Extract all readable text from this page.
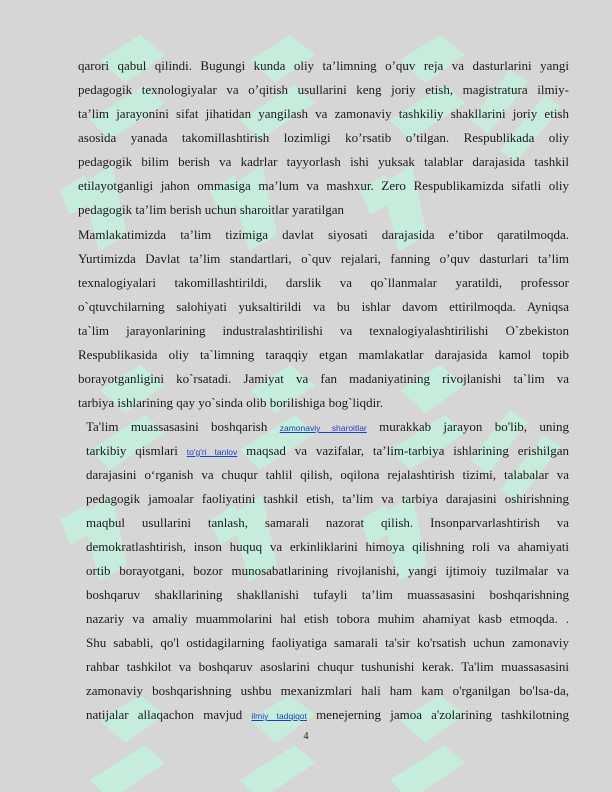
qarori qabul qilindi. Bugungi kunda oliy ta’limning o’quv reja va dasturlarini yangi
pedagogik texnologiyalar va o’qitish usullarini keng joriy etish, magistratura ilmiy-
ta’lim jarayonini sifat jihatidan yangilash va zamonaviy tashkiliy shakllarini joriy etish
asosida yanada takomillashtirish lozimligi ko’rsatib o’tilgan. Respublikada oliy
pedagogik bilim berish va kadrlar tayyorlash ishi yuksak talablar darajasida tashkil
etilayotganligi jahon ommasiga ma’lum va mashxur. Zero Respublikamizda sifatli oliy
pedagogik ta’lim berish uchun sharoitlar yaratilgan
Mamlakatimizda ta’lim tizimiga davlat siyosati darajasida e’tibor qaratilmoqda.
Yurtimizda Davlat ta’lim standartlari, o`quv rejalari, fanning o’quv dasturlari ta’lim
texnalogiyalari takomillashtirildi, darslik va qo`llanmalar yaratildi, professor
o`qtuvchilarning salohiyati yuksaltirildi va bu ishlar davom ettirilmoqda. Ayniqsa
ta`lim jarayonlarining industralashtirilishi va texnalogiyalashtirilishi O`zbekiston
Respublikasida oliy ta`limning taraqqiy etgan mamlakatlar darajasida kamol topib
borayotganligini ko`rsatadi. Jamiyat va fan madaniyatining rivojlanishi ta`lim va
tarbiya ishlarining qay yo`sinda olib borilishiga bog`liqdir.
Ta'lim muassasasini boshqarish zamonaviy sharoitlar murakkab jarayon bo'lib, uning
tarkibiy qismlari to'g'ri tanlov maqsad va vazifalar, ta’lim-tarbiya ishlarining erishilgan
darajasini o‘rganish va chuqur tahlil qilish, oqilona rejalashtirish tizimi, talabalar va
pedagogik jamoalar faoliyatini tashkil etish, ta’lim va tarbiya darajasini oshirishning
maqbul usullarini tanlash, samarali nazorat qilish. Insonparvarlashtirish va
demokratlashtirish, inson huquq va erkinliklarini himoya qilishning roli va ahamiyati
ortib borayotgani, bozor munosabatlarining rivojlanishi, yangi ijtimoiy tuzilmalar va
boshqaruv shakllarining shakllanishi tufayli ta’lim muassasasini boshqarishning
nazariy va amaliy muammolarini hal etish tobora muhim ahamiyat kasb etmoqda. .
Shu sababli, qo'l ostidagilarning faoliyatiga samarali ta'sir ko'rsatish uchun zamonaviy
rahbar tashkilot va boshqaruv asoslarini chuqur tushunishi kerak. Ta'lim muassasasini
zamonaviy boshqarishning ushbu mexanizmlari hali ham kam o'rganilgan bo'lsa-da,
natijalar allaqachon mavjud ilmiy tadqiqot menejerning jamoa a'zolarining tashkilotning
4
